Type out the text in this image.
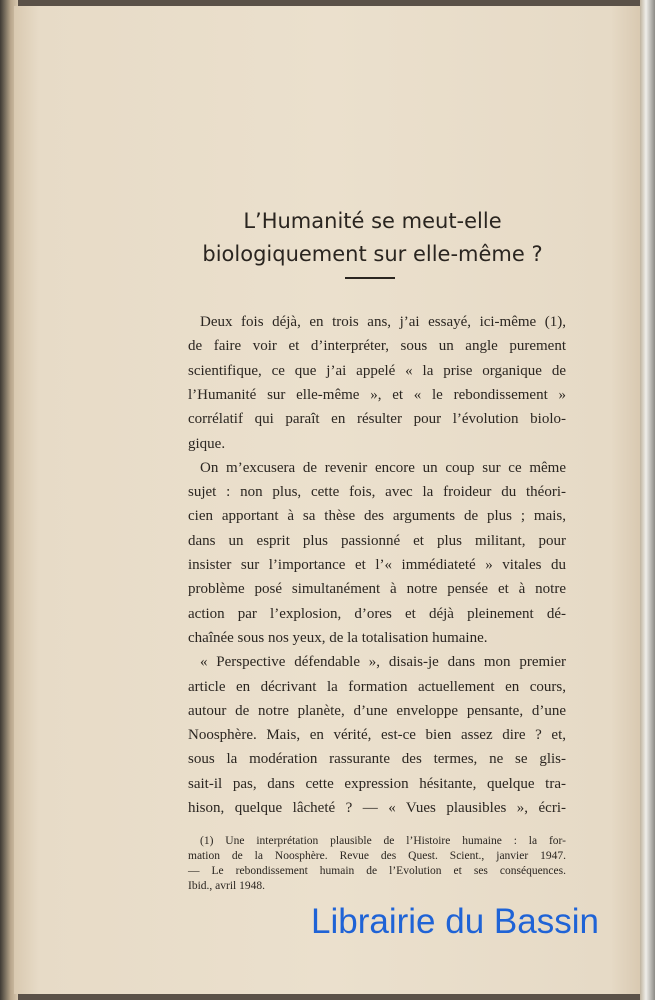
L’Humanité se meut-elle
biologiquement sur elle-même ?
Deux fois déjà, en trois ans, j’ai essayé, ici-même (1),
de faire voir et d’interpréter, sous un angle purement
scientifique, ce que j’ai appelé « la prise organique de
l’Humanité sur elle-même », et « le rebondissement »
corrélatif qui paraît en résulter pour l’évolution biolo-
gique.
On m’excusera de revenir encore un coup sur ce même
sujet : non plus, cette fois, avec la froideur du théori-
cien apportant à sa thèse des arguments de plus ; mais,
dans un esprit plus passionné et plus militant, pour
insister sur l’importance et l’« immédiateté » vitales du
problème posé simultanément à notre pensée et à notre
action par l’explosion, d’ores et déjà pleinement dé-
chaînée sous nos yeux, de la totalisation humaine.
« Perspective défendable », disais-je dans mon premier
article en décrivant la formation actuellement en cours,
autour de notre planète, d’une enveloppe pensante, d’une
Noosphère. Mais, en vérité, est-ce bien assez dire ? et,
sous la modération rassurante des termes, ne se glis-
sait-il pas, dans cette expression hésitante, quelque tra-
hison, quelque lâcheté ? — « Vues plausibles », écri-
(1) Une interprétation plausible de l’Histoire humaine : la for-
mation de la Noosphère. Revue des Quest. Scient., janvier 1947.
— Le rebondissement humain de l’Evolution et ses conséquences.
Ibid., avril 1948.
Librairie du Bassin
